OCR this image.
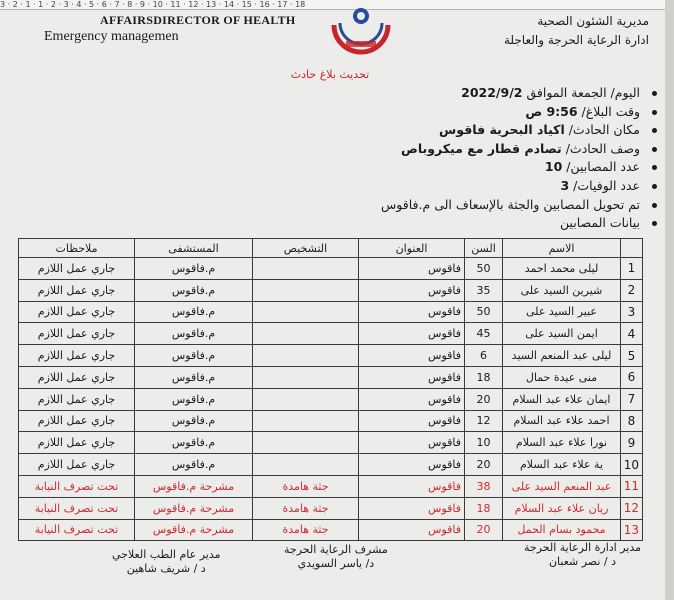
3 · 2 · 1 · 1 · 2 · 3 · 4 · 5 · 6 · 7 · 8 · 9 · 10 · 11 · 12 · 13 · 14 · 15 · 16 · 17 · 18
AFFAIRSDIRECTOR OF HEALTH
Emergency managemen
مديرية الشئون الصحية
ادارة الرعاية الحرجة والعاجلة
تحديث بلاغ حادث
اليوم/ الجمعة الموافق 2022/9/2
وقت البلاغ/ 9:56 ص
مكان الحادث/ اكياد البحرية فاقوس
وصف الحادث/ تصادم قطار مع ميكروباص
عدد المصابين/ 10
عدد الوفيات/ 3
تم تحويل المصابين والجثة بالإسعاف الى م.فاقوس
بيانات المصابين
	الاسم	السن	العنوان	التشخيص	المستشفى	ملاحظات
1	ليلى محمد احمد	50	فاقوس		م.فاقوس	جاري عمل اللازم
2	شيرين السيد على	35	فاقوس		م.فاقوس	جاري عمل اللازم
3	عبير السيد على	50	فاقوس		م.فاقوس	جاري عمل اللازم
4	ايمن السيد على	45	فاقوس		م.فاقوس	جاري عمل اللازم
5	ليلى عبد المنعم السيد	6	فاقوس		م.فاقوس	جاري عمل اللازم
6	منى عيدة حمال	18	فاقوس		م.فاقوس	جاري عمل اللازم
7	ايمان علاء عبد السلام	20	فاقوس		م.فاقوس	جاري عمل اللازم
8	احمد علاء عبد السلام	12	فاقوس		م.فاقوس	جاري عمل اللازم
9	نورا علاء عبد السلام	10	فاقوس		م.فاقوس	جاري عمل اللازم
10	ية علاء عبد السلام	20	فاقوس		م.فاقوس	جاري عمل اللازم
11	عبد المنعم السيد على	38	فاقوس	جثة هامدة	مشرحة م.فاقوس	تحت تصرف النيابة
12	ريان علاء عبد السلام	18	فاقوس	جثة هامدة	مشرحة م.فاقوس	تحت تصرف النيابة
13	محمود بسام الحمل	20	فاقوس	جثة هامدة	مشرحة م.فاقوس	تحت تصرف النيابة
مدير ادارة الرعاية الحرجة
د / نصر شعبان
مشرف الرعاية الحرجة
د/ ياسر السويدي
مدير عام الطب العلاجي
د / شريف شاهين
